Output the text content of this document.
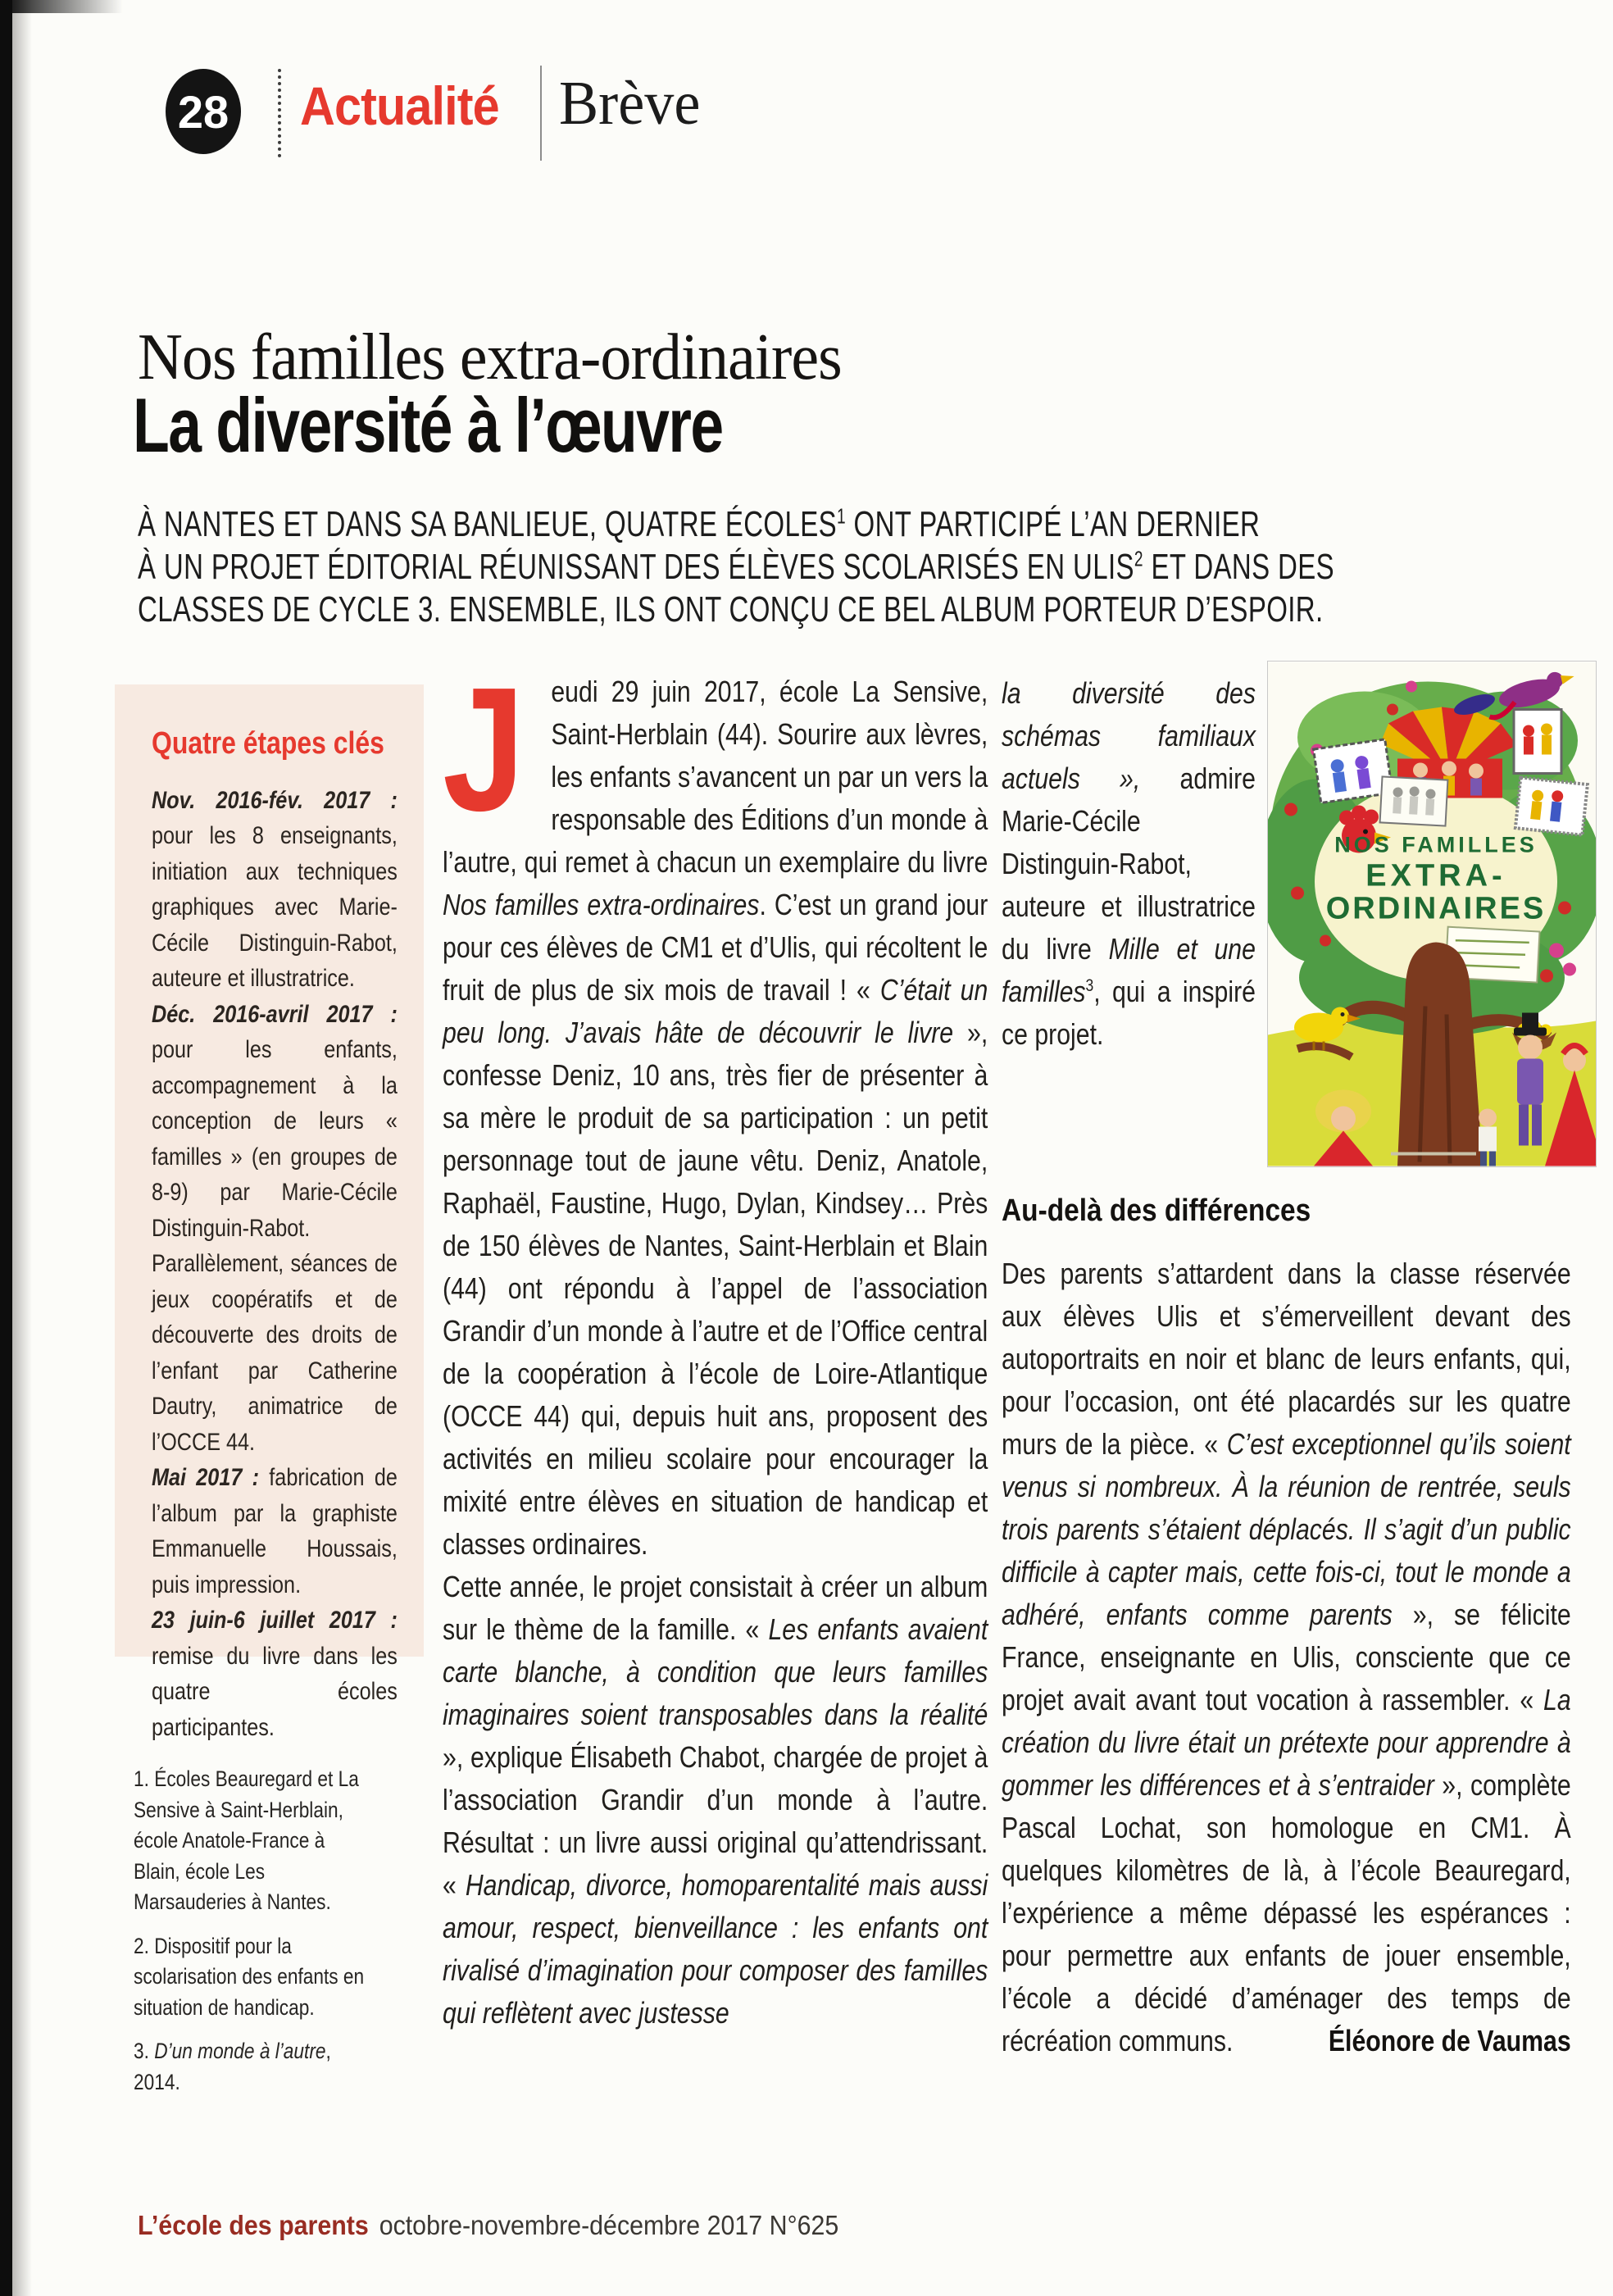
28 Actualité Brève
Nos familles extra-ordinaires
La diversité à l’œuvre

À NANTES ET DANS SA BANLIEUE, QUATRE ÉCOLES$^1$ ONT PARTICIPÉ L’AN DERNIER
À UN PROJET ÉDITORIAL RÉUNISSANT DES ÉLÈVES SCOLARISÉS EN ULIS$^2$ ET DANS DES
CLASSES DE CYCLE 3. ENSEMBLE, ILS ONT CONÇU CE BEL ALBUM PORTEUR D’ESPOIR.

Quatre étapes clés

Nov. 2016-fév. 2017 : pour les 8 enseignants, initiation aux techniques graphiques avec Marie-Cécile Distinguin-Rabot, auteure et illustratrice.

Déc. 2016-avril 2017 : pour les enfants, accompagnement à la conception de leurs « familles » (en groupes de 8-9) par Marie-Cécile Distinguin-Rabot. Parallèlement, séances de jeux coopératifs et de découverte des droits de l’enfant par Catherine Dautry, animatrice de l’OCCE 44.

Mai 2017 : fabrication de l’album par la graphiste Emmanuelle Houssais, puis impression.

23 juin-6 juillet 2017 : remise du livre dans les quatre écoles participantes.

Jeudi 29 juin 2017, école La Sensive, Saint-Herblain (44). Sourire aux lèvres, les enfants s’avancent un par un vers la responsable des Éditions d’un monde à l’autre, qui remet à chacun un exemplaire du livre Nos familles extra-ordinaires. C’est un grand jour pour ces élèves de CM1 et d’Ulis, qui récoltent le fruit de plus de six mois de travail ! « C’était un peu long. J’avais hâte de découvrir le livre », confesse Deniz, 10 ans, très fier de présenter à sa mère le produit de sa participation : un petit personnage tout de jaune vêtu. Deniz, Anatole, Raphaël, Faustine, Hugo, Dylan, Kindsey… Près de 150 élèves de Nantes, Saint-Herblain et Blain (44) ont répondu à l’appel de l’association Grandir d’un monde à l’autre et de l’Office central de la coopération à l’école de Loire-Atlantique (OCCE 44) qui, depuis huit ans, proposent des activités en milieu scolaire pour encourager la mixité entre élèves en situation de handicap et classes ordinaires.

Cette année, le projet consistait à créer un album sur le thème de la famille. « Les enfants avaient carte blanche, à condition que leurs familles imaginaires soient transposables dans la réalité », explique Élisabeth Chabot, chargée de projet à l’association Grandir d’un monde à l’autre. Résultat : un livre aussi original qu’attendrissant. « Handicap, divorce, homoparentalité mais aussi amour, respect, bienveillance : les enfants ont rivalisé d’imagination pour composer des familles qui reflètent avec justesse

la diversité des schémas familiaux actuels », admire Marie-Cécile Distinguin-Rabot, auteure et illustratrice du livre Mille et une familles$^3$, qui a inspiré ce projet.
NOS FAMILLES
EXTRA-
ORDINAIRES
Au-delà des différences

Des parents s’attardent dans la classe réservée aux élèves Ulis et s’émerveillent devant des autoportraits en noir et blanc de leurs enfants, qui, pour l’occasion, ont été placardés sur les quatre murs de la pièce. « C’est exceptionnel qu’ils soient venus si nombreux. À la réunion de rentrée, seuls trois parents s’étaient déplacés. Il s’agit d’un public difficile à capter mais, cette fois-ci, tout le monde a adhéré, enfants comme parents », se félicite France, enseignante en Ulis, consciente que ce projet avait avant tout vocation à rassembler. « La création du livre était un prétexte pour apprendre à gommer les différences et à s’entraider », complète Pascal Lochat, son homologue en CM1. À quelques kilomètres de là, à l’école Beauregard, l’expérience a même dépassé les espérances : pour permettre aux enfants de jouer ensemble, l’école a décidé d’aménager des temps de récréation communs.	Éléonore de Vaumas

1. Écoles Beauregard et La Sensive à Saint-Herblain, école Anatole-France à Blain, école Les Marsauderies à Nantes.

2. Dispositif pour la scolarisation des enfants en situation de handicap.

3. D’un monde à l’autre, 2014.

L’école des parents octobre-novembre-décembre 2017 N°625
